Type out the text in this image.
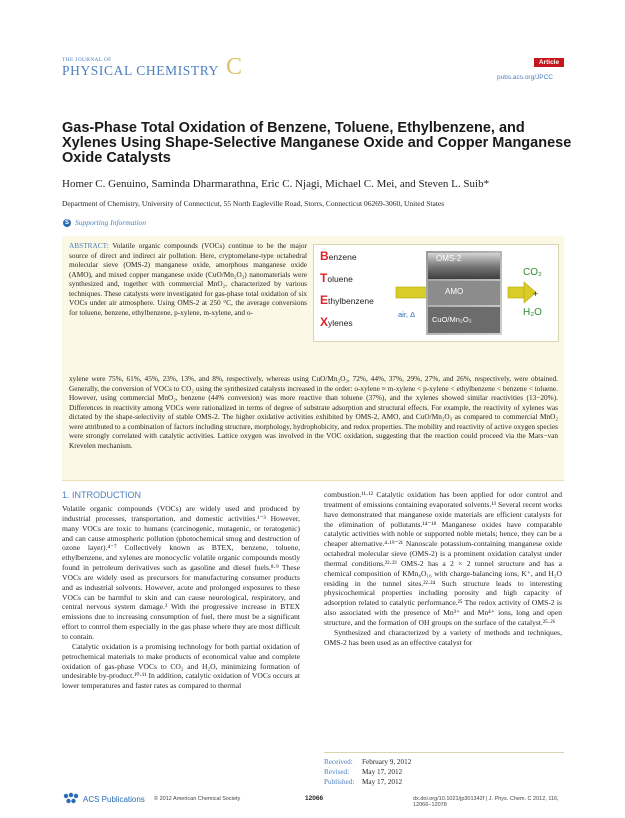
THE JOURNAL OF
PHYSICAL CHEMISTRY C	Article
pubs.acs.org/JPCC
Gas-Phase Total Oxidation of Benzene, Toluene, Ethylbenzene, and Xylenes Using Shape-Selective Manganese Oxide and Copper Manganese Oxide Catalysts
Homer C. Genuino, Saminda Dharmarathna, Eric C. Njagi, Michael C. Mei, and Steven L. Suib*
Department of Chemistry, University of Connecticut, 55 North Eagleville Road, Storrs, Connecticut 06269-3060, United States
S Supporting Information
ABSTRACT: Volatile organic compounds (VOCs) continue to be the major source of direct and indirect air pollution. Here, cryptomelane-type octahedral molecular sieve (OMS-2) manganese oxide, amorphous manganese oxide (AMO), and mixed copper manganese oxide (CuO/Mn₂O₃) nanomaterials were synthesized and, together with commercial MnO₂, characterized by various techniques. These catalysts were investigated for gas-phase total oxidation of six VOCs under air atmosphere. Using OMS-2 at 250 °C, the average conversions for toluene, benzene, ethylbenzene, p-xylene, m-xylene, and o-
xylene were 75%, 61%, 45%, 23%, 13%, and 8%, respectively, whereas using CuO/Mn₂O₃, 72%, 44%, 37%, 29%, 27%, and 26%, respectively, were obtained. Generally, the conversion of VOCs to CO₂ using the synthesized catalysts increased in the order: o-xylene ≈ m-xylene < p-xylene < ethylbenzene < benzene < toluene. However, using commercial MnO₂, benzene (44% conversion) was more reactive than toluene (37%), and the xylenes showed similar reactivities (13−20%). Differences in reactivity among VOCs were rationalized in terms of degree of substrate adsorption and structural effects. For example, the reactivity of xylenes was dictated by the shape-selectivity of stable OMS-2. The higher oxidative activities exhibited by OMS-2, AMO, and CuO/Mn₂O₃ as compared to commercial MnO₂ were attributed to a combination of factors including structure, morphology, hydrophobicity, and redox properties. The mobility and reactivity of active oxygen species were strongly correlated with catalytic activities. Lattice oxygen was involved in the VOC oxidation, suggesting that the reaction could proceed via the Mars−van Krevelen mechanism.
Benzene
Toluene
Ethylbenzene
Xylenes
OMS-2
AMO
CuO/Mn₂O₃
air, Δ
CO₂
+
H₂O
1. INTRODUCTION

Volatile organic compounds (VOCs) are widely used and produced by industrial processes, transportation, and domestic activities.¹⁻³ However, many VOCs are toxic to humans (carcinogenic, mutagenic, or teratogenic) and can cause atmospheric pollution (photochemical smog and destruction of ozone layer).⁴⁻⁷ Collectively known as BTEX, benzene, toluene, ethylbenzene, and xylenes are monocyclic volatile organic compounds mostly found in petroleum derivatives such as gasoline and diesel fuels.⁸·⁹ These VOCs are widely used as precursors for manufacturing consumer products and as industrial solvents. However, acute and prolonged exposures to these VOCs can be harmful to skin and can cause neurological, respiratory, and central nervous system damage.³ With the progressive increase in BTEX emissions due to increasing consumption of fuel, there must be a significant effort to control them especially in the gas phase where they are most difficult to contain.

Catalytic oxidation is a promising technology for both partial oxidation of petrochemical materials to make products of economical value and complete oxidation of gas-phase VOCs to CO₂ and H₂O, minimizing formation of undesirable by-product.¹⁰·¹¹ In addition, catalytic oxidation of VOCs occurs at lower temperatures and faster rates as compared to thermal

combustion.¹¹·¹² Catalytic oxidation has been applied for odor control and treatment of emissions containing evaporated solvents.¹³ Several recent works have demonstrated that manganese oxide materials are efficient catalysts for the elimination of pollutants.¹⁴⁻¹⁸ Manganese oxides have comparable catalytic activities with noble or supported noble metals; hence, they can be a cheaper alternative.⁴·¹⁹⁻²¹ Nanoscale potassium-containing manganese oxide octahedral molecular sieve (OMS-2) is a prominent oxidation catalyst under thermal conditions.²²·²³ OMS-2 has a 2 × 2 tunnel structure and has a chemical composition of KMn₈O₁₆ with charge-balancing ions, K⁺, and H₂O residing in the tunnel sites.²²·²⁴ Such structure leads to interesting physicochemical properties including porosity and high capacity of adsorption related to catalytic performance.²⁵ The redox activity of OMS-2 is also associated with the presence of Mn³⁺ and Mn⁴⁺ ions, long and open structure, and the formation of OH groups on the surface of the catalyst.²⁵·²⁶

Synthesized and characterized by a variety of methods and techniques, OMS-2 has been used as an effective catalyst for

Received: February 9, 2012
Revised: May 17, 2012
Published: May 17, 2012
ACS Publications © 2012 American Chemical Society	12066	dx.doi.org/10.1021/jp301342f | J. Phys. Chem. C 2012, 116, 12066−12078
